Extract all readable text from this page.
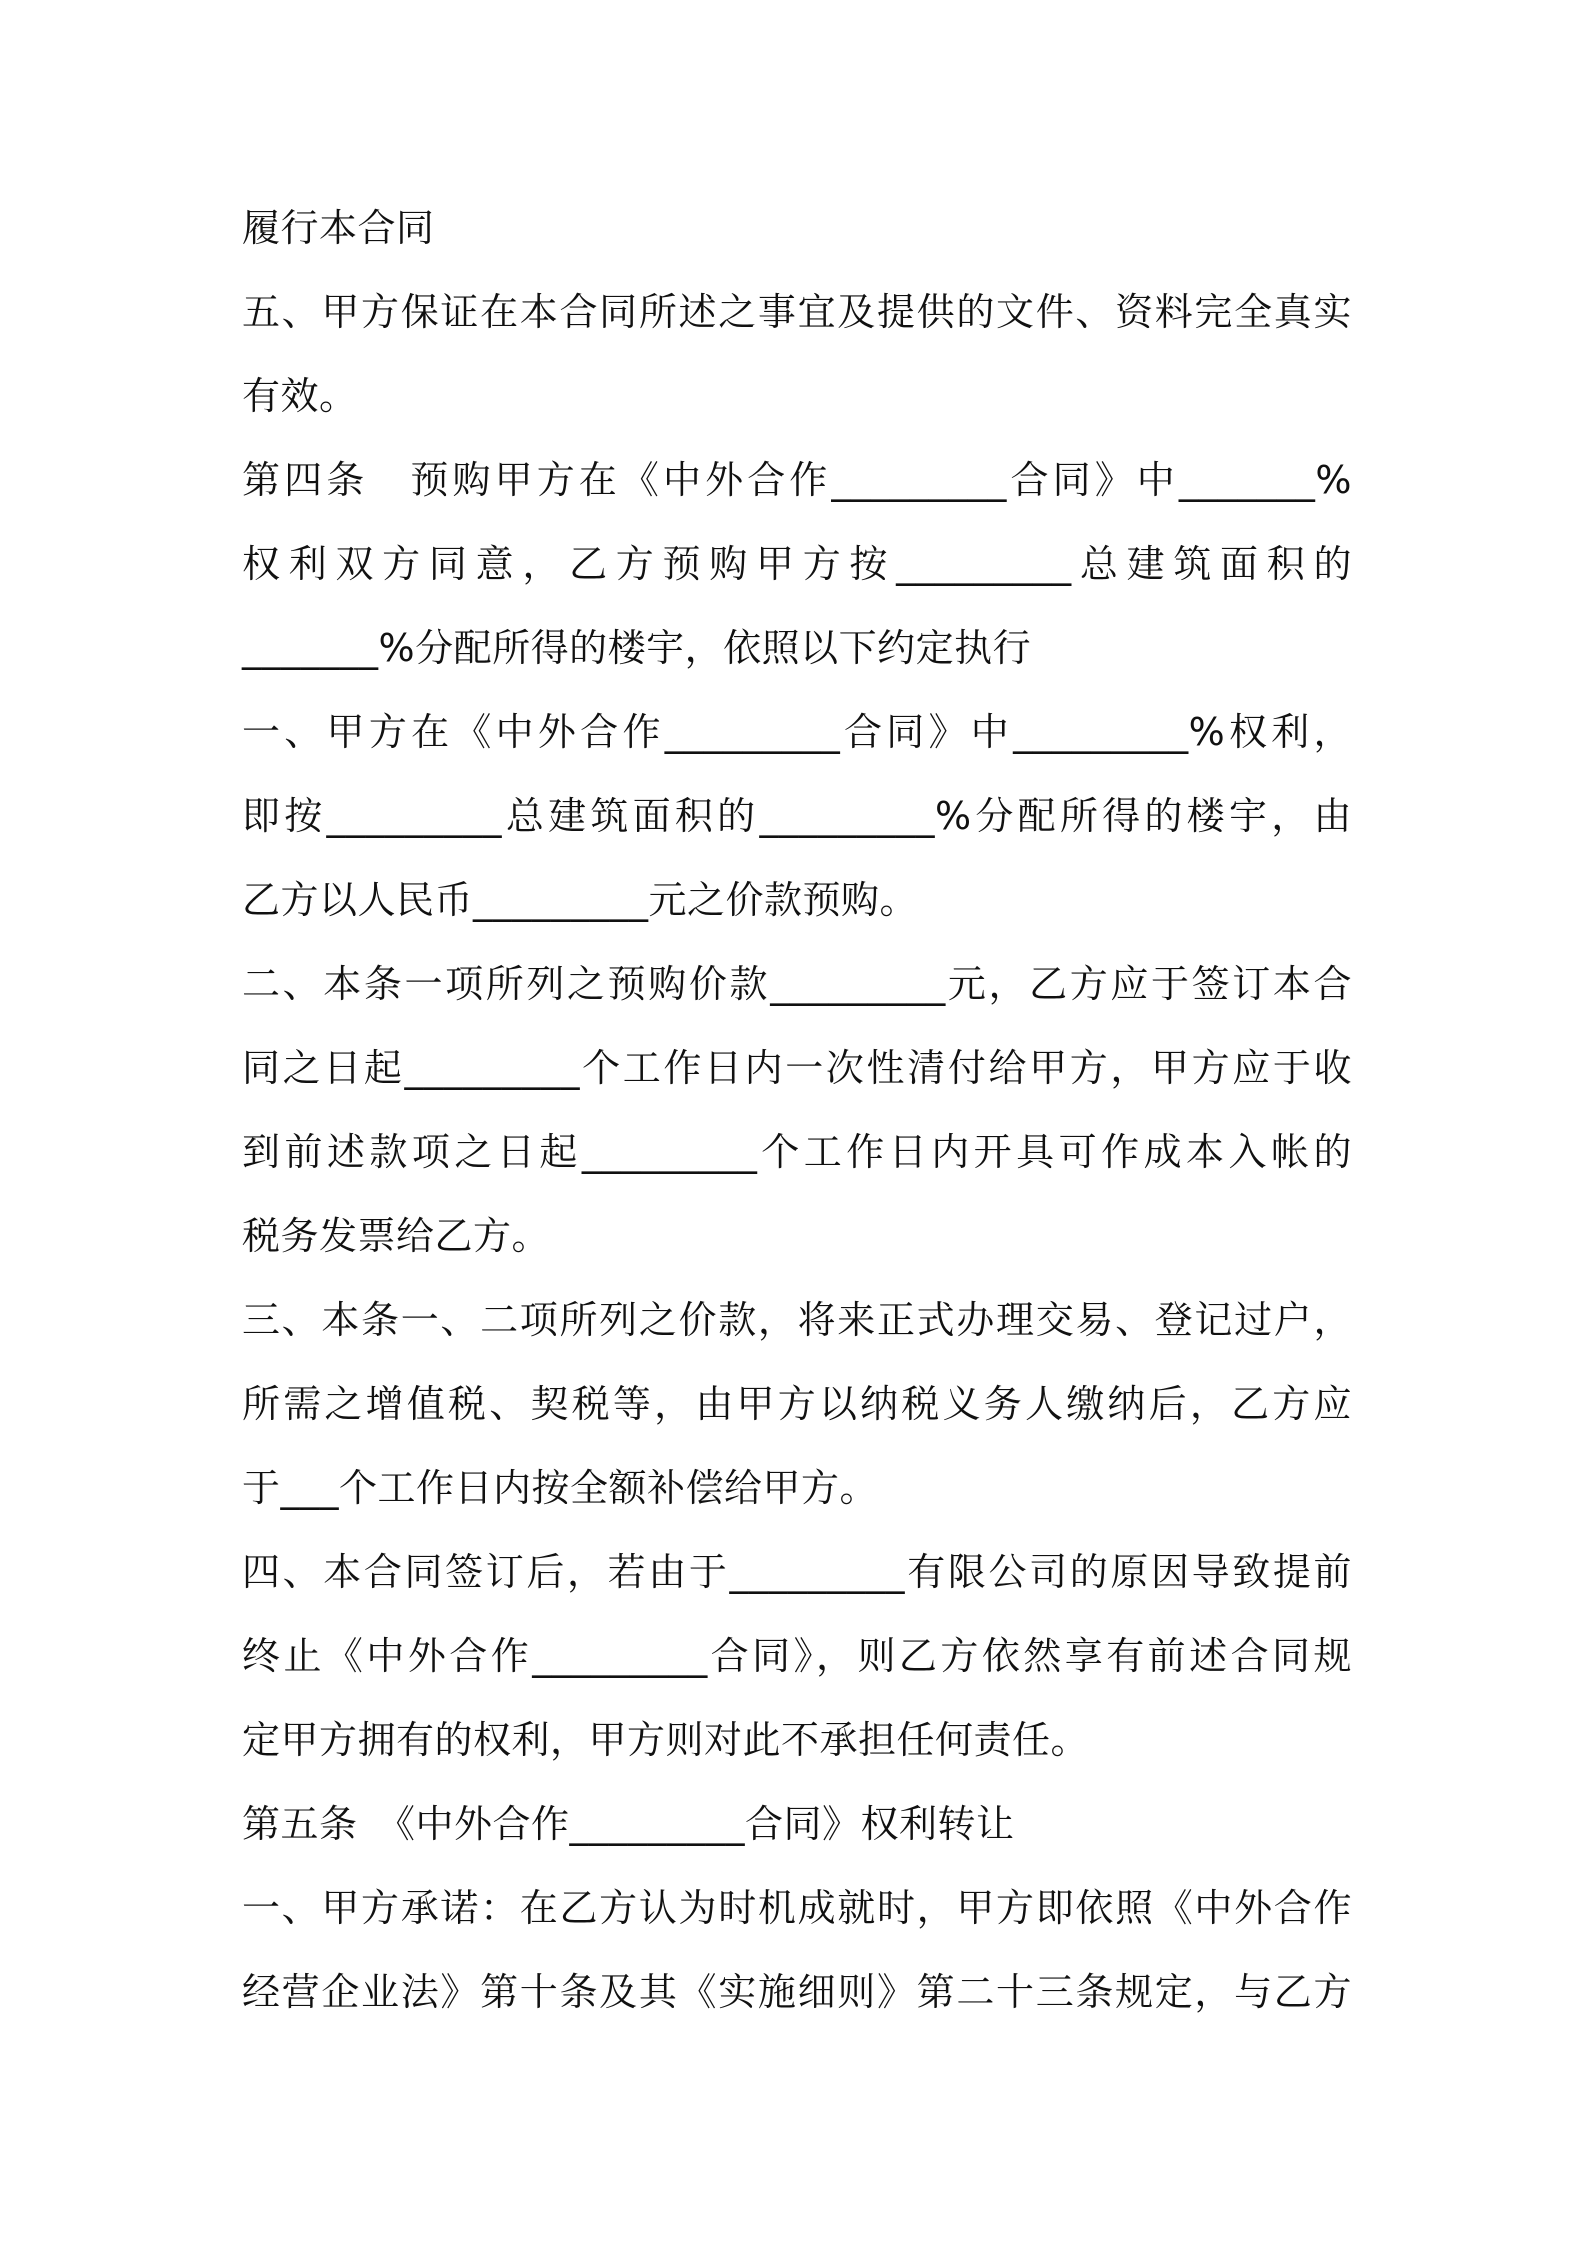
履行本合同
五、甲方保证在本合同所述之事宜及提供的文件、资料完全真实
有效。
第四条　预购甲方在《中外合作_________合同》中_______%
权利双方同意，乙方预购甲方按_________总建筑面积的
_______%分配所得的楼宇，依照以下约定执行
一、甲方在《中外合作_________合同》中_________%权利，
即按_________总建筑面积的_________%分配所得的楼宇，由
乙方以人民币_________元之价款预购。
二、本条一项所列之预购价款_________元，乙方应于签订本合
同之日起_________个工作日内一次性清付给甲方，甲方应于收
到前述款项之日起_________个工作日内开具可作成本入帐的
税务发票给乙方。
三、本条一、二项所列之价款，将来正式办理交易、登记过户，
所需之增值税、契税等，由甲方以纳税义务人缴纳后，乙方应
于___个工作日内按全额补偿给甲方。
四、本合同签订后，若由于_________有限公司的原因导致提前
终止《中外合作_________合同》，则乙方依然享有前述合同规
定甲方拥有的权利，甲方则对此不承担任何责任。
第五条　《中外合作_________合同》权利转让
一、甲方承诺：在乙方认为时机成就时，甲方即依照《中外合作
经营企业法》第十条及其《实施细则》第二十三条规定，与乙方
